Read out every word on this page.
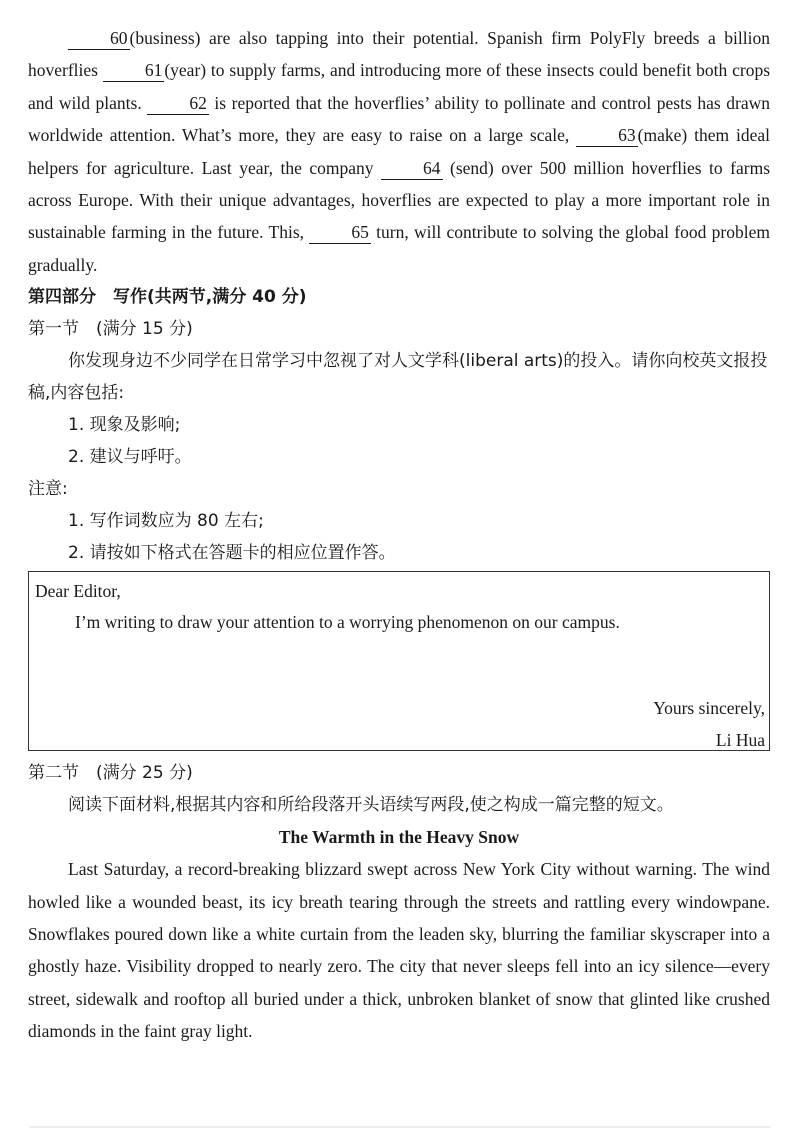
60 (business) are also tapping into their potential. Spanish firm PolyFly breeds a billion hoverflies	61 (year) to supply farms, and introducing more of these insects could benefit both crops and wild plants.	62 is reported that the hoverflies’ ability to pollinate and control pests has drawn worldwide attention. What’s more, they are easy to raise on a large scale,	63 (make) them ideal helpers for agriculture. Last year, the company	64 (send) over 500 million hoverflies to farms across Europe. With their unique advantages, hoverflies are expected to play a more important role in sustainable farming in the future. This,	65 turn, will contribute to solving the global food problem gradually.

第四部分　写作(共两节,满分 40 分)

第一节　(满分 15 分)

你发现身边不少同学在日常学习中忽视了对人文学科(liberal arts)的投入。请你向校英文报投稿,内容包括:

1. 现象及影响;

2. 建议与呼吁。

注意:

1. 写作词数应为 80 左右;

2. 请按如下格式在答题卡的相应位置作答。

Dear Editor,

I’m writing to draw your attention to a worrying phenomenon on our campus.

Yours sincerely,
Li Hua

第二节　(满分 25 分)

阅读下面材料,根据其内容和所给段落开头语续写两段,使之构成一篇完整的短文。

The Warmth in the Heavy Snow

Last Saturday, a record-breaking blizzard swept across New York City without warning. The wind howled like a wounded beast, its icy breath tearing through the streets and rattling every windowpane. Snowflakes poured down like a white curtain from the leaden sky, blurring the familiar skyscraper into a ghostly haze. Visibility dropped to nearly zero. The city that never sleeps fell into an icy silence—every street, sidewalk and rooftop all buried under a thick, unbroken blanket of snow that glinted like crushed diamonds in the faint gray light.
